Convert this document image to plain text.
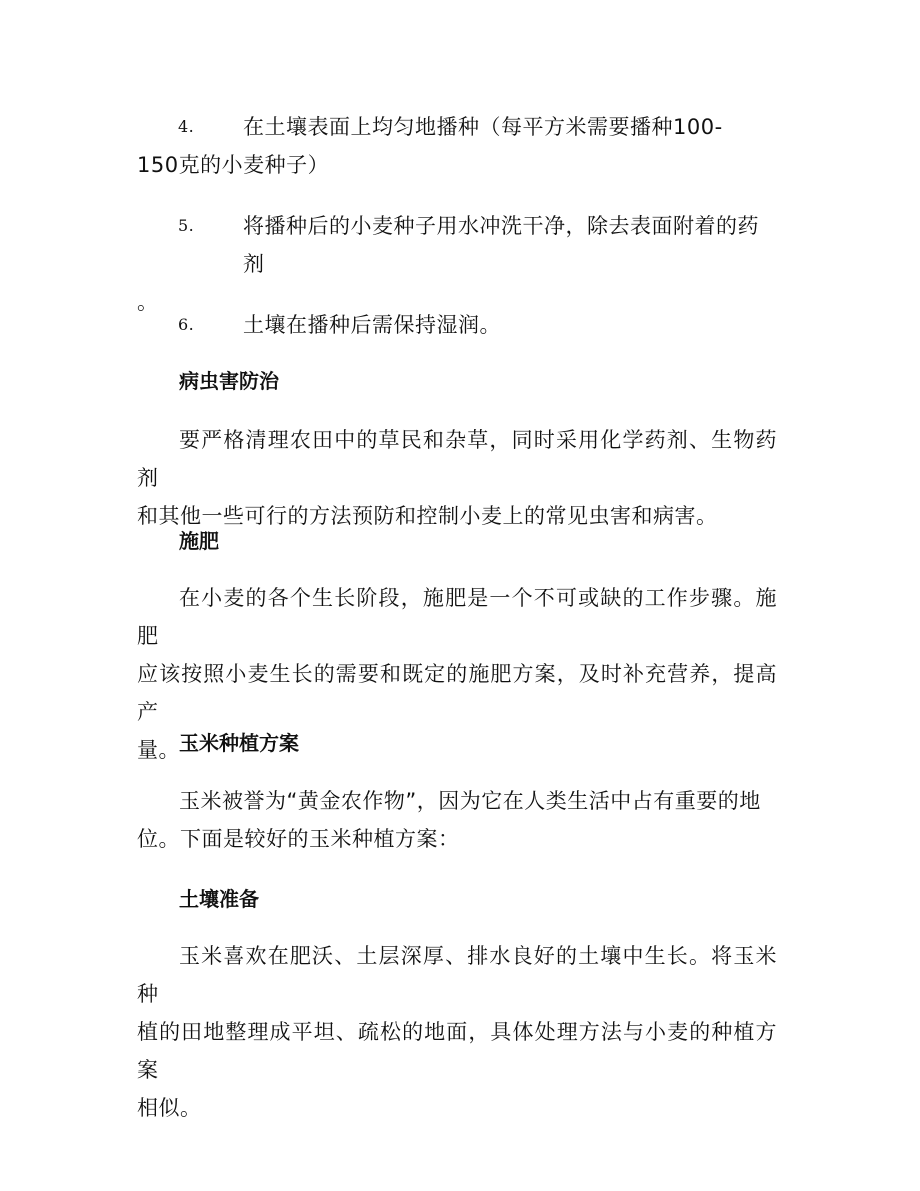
4.	在土壤表面上均匀地播种（每平方米需要播种100-
150克的小麦种子）
5.	将播种后的小麦种子用水冲洗干净，除去表面附着的药剂
。
6.	土壤在播种后需保持湿润。
病虫害防治
要严格清理农田中的草民和杂草，同时采用化学药剂、生物药剂
和其他一些可行的方法预防和控制小麦上的常见虫害和病害。
施肥
在小麦的各个生长阶段，施肥是一个不可或缺的工作步骤。施肥
应该按照小麦生长的需要和既定的施肥方案，及时补充营养，提高产
量。 玉米种植方案
玉米被誉为“黄金农作物”，因为它在人类生活中占有重要的地
位。下面是较好的玉米种植方案：
土壤准备
玉米喜欢在肥沃、土层深厚、排水良好的土壤中生长。将玉米种
植的田地整理成平坦、疏松的地面，具体处理方法与小麦的种植方案
相似。
